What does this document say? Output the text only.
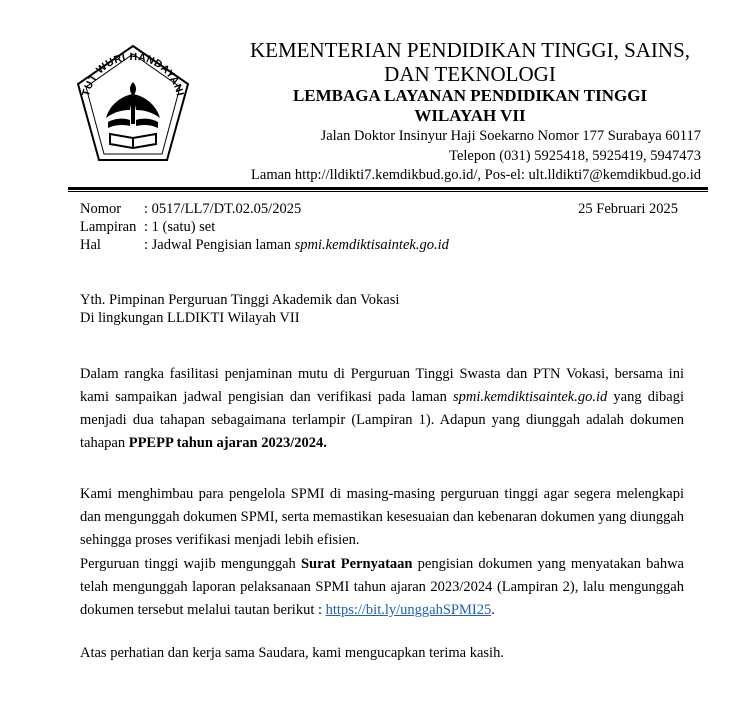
TUT WURI HANDAYANI
KEMENTERIAN PENDIDIKAN TINGGI, SAINS,
DAN TEKNOLOGI
LEMBAGA LAYANAN PENDIDIKAN TINGGI
WILAYAH VII
Jalan Doktor Insinyur Haji Soekarno Nomor 177 Surabaya 60117
Telepon (031) 5925418, 5925419, 5947473
Laman http://lldikti7.kemdikbud.go.id/, Pos-el: ult.lldikti7@kemdikbud.go.id
Nomor : 0517/LL7/DT.02.05/2025
Lampiran : 1 (satu) set
Hal	: Jadwal Pengisian laman spmi.kemdiktisaintek.go.id
25 Februari 2025
Yth. Pimpinan Perguruan Tinggi Akademik dan Vokasi
Di lingkungan LLDIKTI Wilayah VII
Dalam rangka fasilitasi penjaminan mutu di Perguruan Tinggi Swasta dan PTN Vokasi, bersama ini kami sampaikan jadwal pengisian dan verifikasi pada laman spmi.kemdiktisaintek.go.id yang dibagi menjadi dua tahapan sebagaimana terlampir (Lampiran 1). Adapun yang diunggah adalah dokumen tahapan PPEPP tahun ajaran 2023/2024.
Kami menghimbau para pengelola SPMI di masing-masing perguruan tinggi agar segera melengkapi dan mengunggah dokumen SPMI, serta memastikan kesesuaian dan kebenaran dokumen yang diunggah sehingga proses verifikasi menjadi lebih efisien.
Perguruan tinggi wajib mengunggah Surat Pernyataan pengisian dokumen yang menyatakan bahwa telah mengunggah laporan pelaksanaan SPMI tahun ajaran 2023/2024 (Lampiran 2), lalu mengunggah dokumen tersebut melalui tautan berikut : https://bit.ly/unggahSPMI25.
Atas perhatian dan kerja sama Saudara, kami mengucapkan terima kasih.
